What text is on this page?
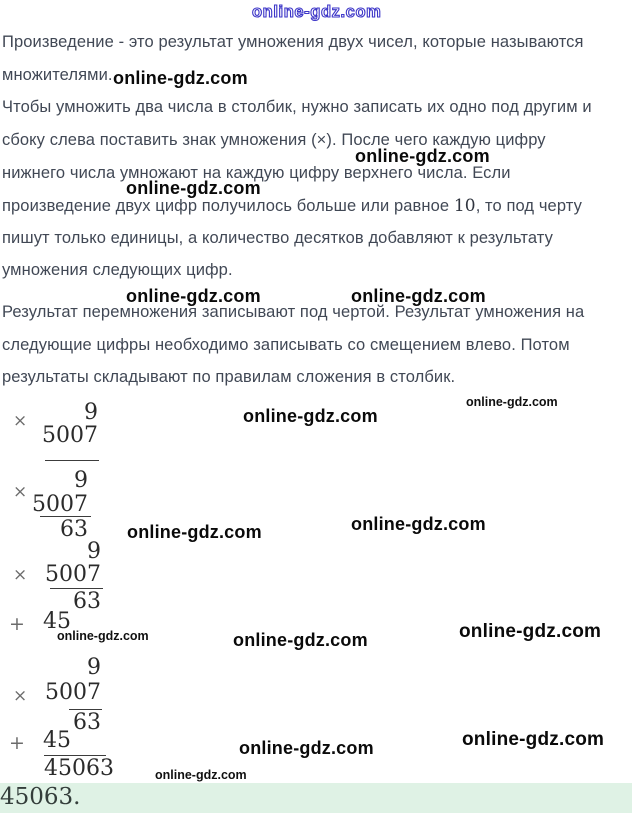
online-gdz.com
Произведение - это результат умножения двух чисел, которые называются
множителями. online-gdz.com
Чтобы умножить два числа в столбик, нужно записать их одно под другим и
сбоку слева поставить знак умножения (×). После чего каждую цифру
online-gdz.com
нижнего числа умножают на каждую цифру верхнего числа. Если
online-gdz.com
произведение двух цифр получилось больше или равное 10, то под черту
пишут только единицы, а количество десятков добавляют к результату
умножения следующих цифр.
online-gdz.com	online-gdz.com
Результат перемножения записывают под чертой. Результат умножения на
следующие цифры необходимо записывать со смещением влево. Потом
результаты складывают по правилам сложения в столбик.
×	9
5007
online-gdz.com
online-gdz.com
×	9
5007
63 online-gdz.com	online-gdz.com
×
9
5007
63
+ 45
online-gdz.com	online-gdz.com	online-gdz.com
×
9
5007
63
+ 45
45063
online-gdz.com
online-gdz.com
online-gdz.com
45063.
